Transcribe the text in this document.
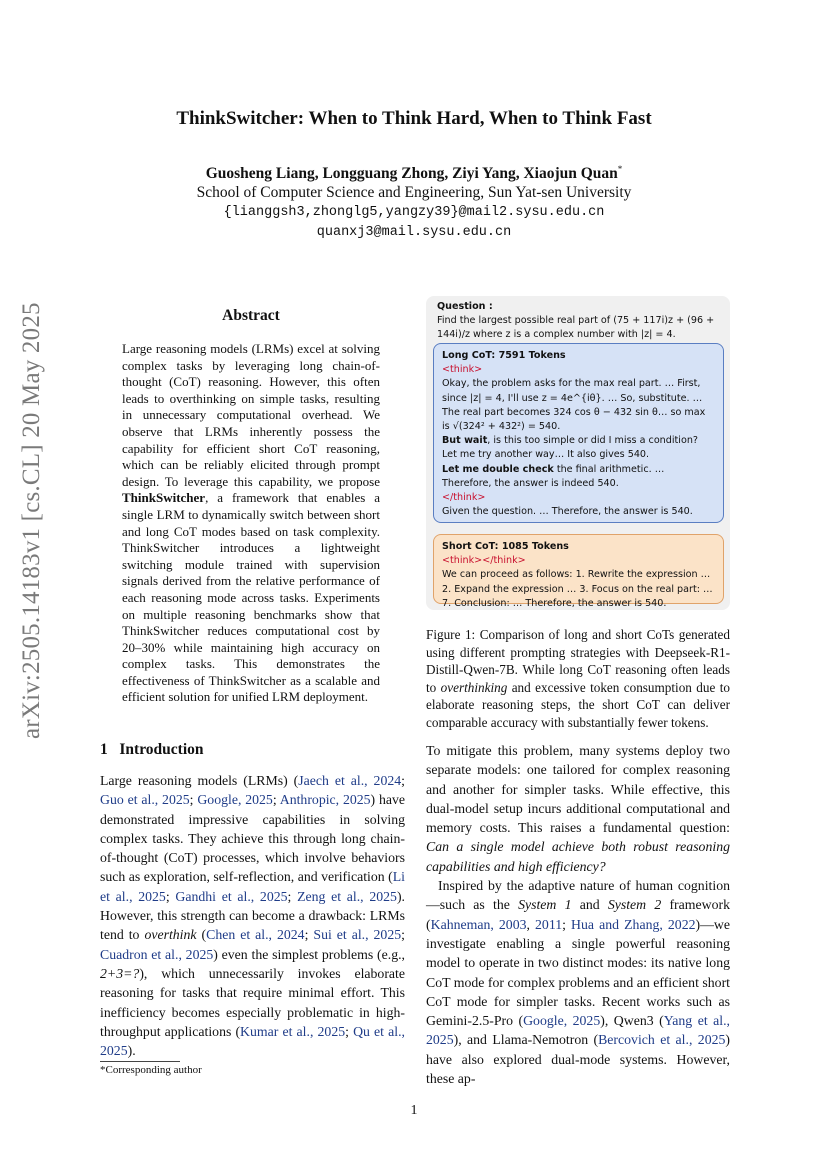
arXiv:2505.14183v1 [cs.CL] 20 May 2025
ThinkSwitcher: When to Think Hard, When to Think Fast
Guosheng Liang, Longguang Zhong, Ziyi Yang, Xiaojun Quan*
School of Computer Science and Engineering, Sun Yat-sen University
{lianggsh3,zhonglg5,yangzy39}@mail2.sysu.edu.cn
quanxj3@mail.sysu.edu.cn
Abstract
Large reasoning models (LRMs) excel at solving complex tasks by leveraging long chain-of-thought (CoT) reasoning. However, this often leads to overthinking on simple tasks, resulting in unnecessary computational overhead. We observe that LRMs inherently possess the capability for efficient short CoT reasoning, which can be reliably elicited through prompt design. To leverage this capability, we propose ThinkSwitcher, a framework that enables a single LRM to dynamically switch between short and long CoT modes based on task complexity. ThinkSwitcher introduces a lightweight switching module trained with supervision signals derived from the relative performance of each reasoning mode across tasks. Experiments on multiple reasoning benchmarks show that ThinkSwitcher reduces computational cost by 20–30% while maintaining high accuracy on complex tasks. This demonstrates the effectiveness of ThinkSwitcher as a scalable and efficient solution for unified LRM deployment.
Question :
Find the largest possible real part of (75 + 117i)z + (96 + 144i)/z where z is a complex number with |z| = 4.
Long CoT: 7591 Tokens
<think>
Okay, the problem asks for the max real part. … First, since |z| = 4, I'll use z = 4e^{iθ}. … So, substitute. … The real part becomes 324 cos θ − 432 sin θ… so max is √(324² + 432²) = 540.
But wait, is this too simple or did I miss a condition? Let me try another way… It also gives 540.
Let me double check the final arithmetic. … Therefore, the answer is indeed 540.
</think>
Given the question. … Therefore, the answer is 540.
Short CoT: 1085 Tokens
<think></think>
We can proceed as follows: 1. Rewrite the expression … 2. Expand the expression … 3. Focus on the real part: … 7. Conclusion: … Therefore, the answer is 540.
Figure 1: Comparison of long and short CoTs generated using different prompting strategies with Deepseek-R1-Distill-Qwen-7B. While long CoT reasoning often leads to overthinking and excessive token consumption due to elaborate reasoning steps, the short CoT can deliver comparable accuracy with substantially fewer tokens.
1 Introduction
Large reasoning models (LRMs) (Jaech et al., 2024; Guo et al., 2025; Google, 2025; Anthropic, 2025) have demonstrated impressive capabilities in solving complex tasks. They achieve this through long chain-of-thought (CoT) processes, which involve behaviors such as exploration, self-reflection, and verification (Li et al., 2025; Gandhi et al., 2025; Zeng et al., 2025). However, this strength can become a drawback: LRMs tend to overthink (Chen et al., 2024; Sui et al., 2025; Cuadron et al., 2025) even the simplest problems (e.g., 2+3=?), which unnecessarily invokes elaborate reasoning for tasks that require minimal effort. This inefficiency becomes especially problematic in high-throughput applications (Kumar et al., 2025; Qu et al., 2025).

To mitigate this problem, many systems deploy two separate models: one tailored for complex reasoning and another for simpler tasks. While effective, this dual-model setup incurs additional computational and memory costs. This raises a fundamental question: Can a single model achieve both robust reasoning capabilities and high efficiency?

Inspired by the adaptive nature of human cognition—such as the System 1 and System 2 framework (Kahneman, 2003, 2011; Hua and Zhang, 2022)—we investigate enabling a single powerful reasoning model to operate in two distinct modes: its native long CoT mode for complex problems and an efficient short CoT mode for simpler tasks. Recent works such as Gemini-2.5-Pro (Google, 2025), Qwen3 (Yang et al., 2025), and Llama-Nemotron (Bercovich et al., 2025) have also explored dual-mode systems. However, these ap-

*Corresponding author
1
